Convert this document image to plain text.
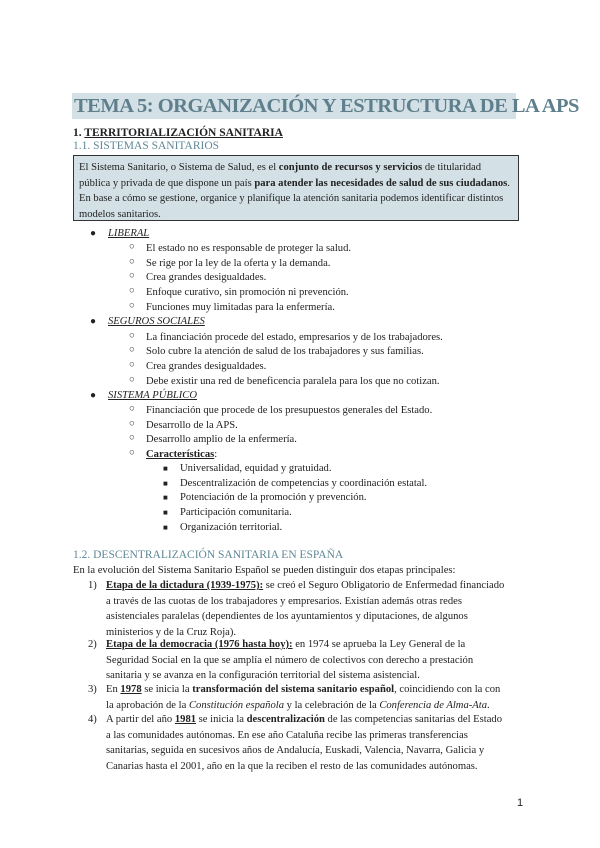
TEMA 5: ORGANIZACIÓN Y ESTRUCTURA DE LA APS
1. TERRITORIALIZACIÓN SANITARIA
1.1. SISTEMAS SANITARIOS
El Sistema Sanitario, o Sistema de Salud, es el conjunto de recursos y servicios de titularidad pública y privada de que dispone un país para atender las necesidades de salud de sus ciudadanos. En base a cómo se gestione, organice y planifique la atención sanitaria podemos identificar distintos modelos sanitarios.
● LIBERAL
○ El estado no es responsable de proteger la salud.
○ Se rige por la ley de la oferta y la demanda.
○ Crea grandes desigualdades.
○ Enfoque curativo, sin promoción ni prevención.
○ Funciones muy limitadas para la enfermería.
● SEGUROS SOCIALES
○ La financiación procede del estado, empresarios y de los trabajadores.
○ Solo cubre la atención de salud de los trabajadores y sus familias.
○ Crea grandes desigualdades.
○ Debe existir una red de beneficencia paralela para los que no cotizan.
● SISTEMA PÚBLICO
○ Financiación que procede de los presupuestos generales del Estado.
○ Desarrollo de la APS.
○ Desarrollo amplio de la enfermería.
○ Características:
■ Universalidad, equidad y gratuidad.
■ Descentralización de competencias y coordinación estatal.
■ Potenciación de la promoción y prevención.
■ Participación comunitaria.
■ Organización territorial.
1.2. DESCENTRALIZACIÓN SANITARIA EN ESPAÑA
En la evolución del Sistema Sanitario Español se pueden distinguir dos etapas principales:
1) Etapa de la dictadura (1939-1975): se creó el Seguro Obligatorio de Enfermedad financiado
a través de las cuotas de los trabajadores y empresarios. Existían además otras redes
asistenciales paralelas (dependientes de los ayuntamientos y diputaciones, de algunos
ministerios y de la Cruz Roja).
2) Etapa de la democracia (1976 hasta hoy): en 1974 se aprueba la Ley General de la
Seguridad Social en la que se amplía el número de colectivos con derecho a prestación
sanitaria y se avanza en la configuración territorial del sistema asistencial.
3) En 1978 se inicia la transformación del sistema sanitario español, coincidiendo con la con
la aprobación de la Constitución española y la celebración de la Conferencia de Alma-Ata.
4) A partir del año 1981 se inicia la descentralización de las competencias sanitarias del Estado
a las comunidades autónomas. En ese año Cataluña recibe las primeras transferencias
sanitarias, seguida en sucesivos años de Andalucía, Euskadi, Valencia, Navarra, Galicia y
Canarias hasta el 2001, año en la que la reciben el resto de las comunidades autónomas.
1
